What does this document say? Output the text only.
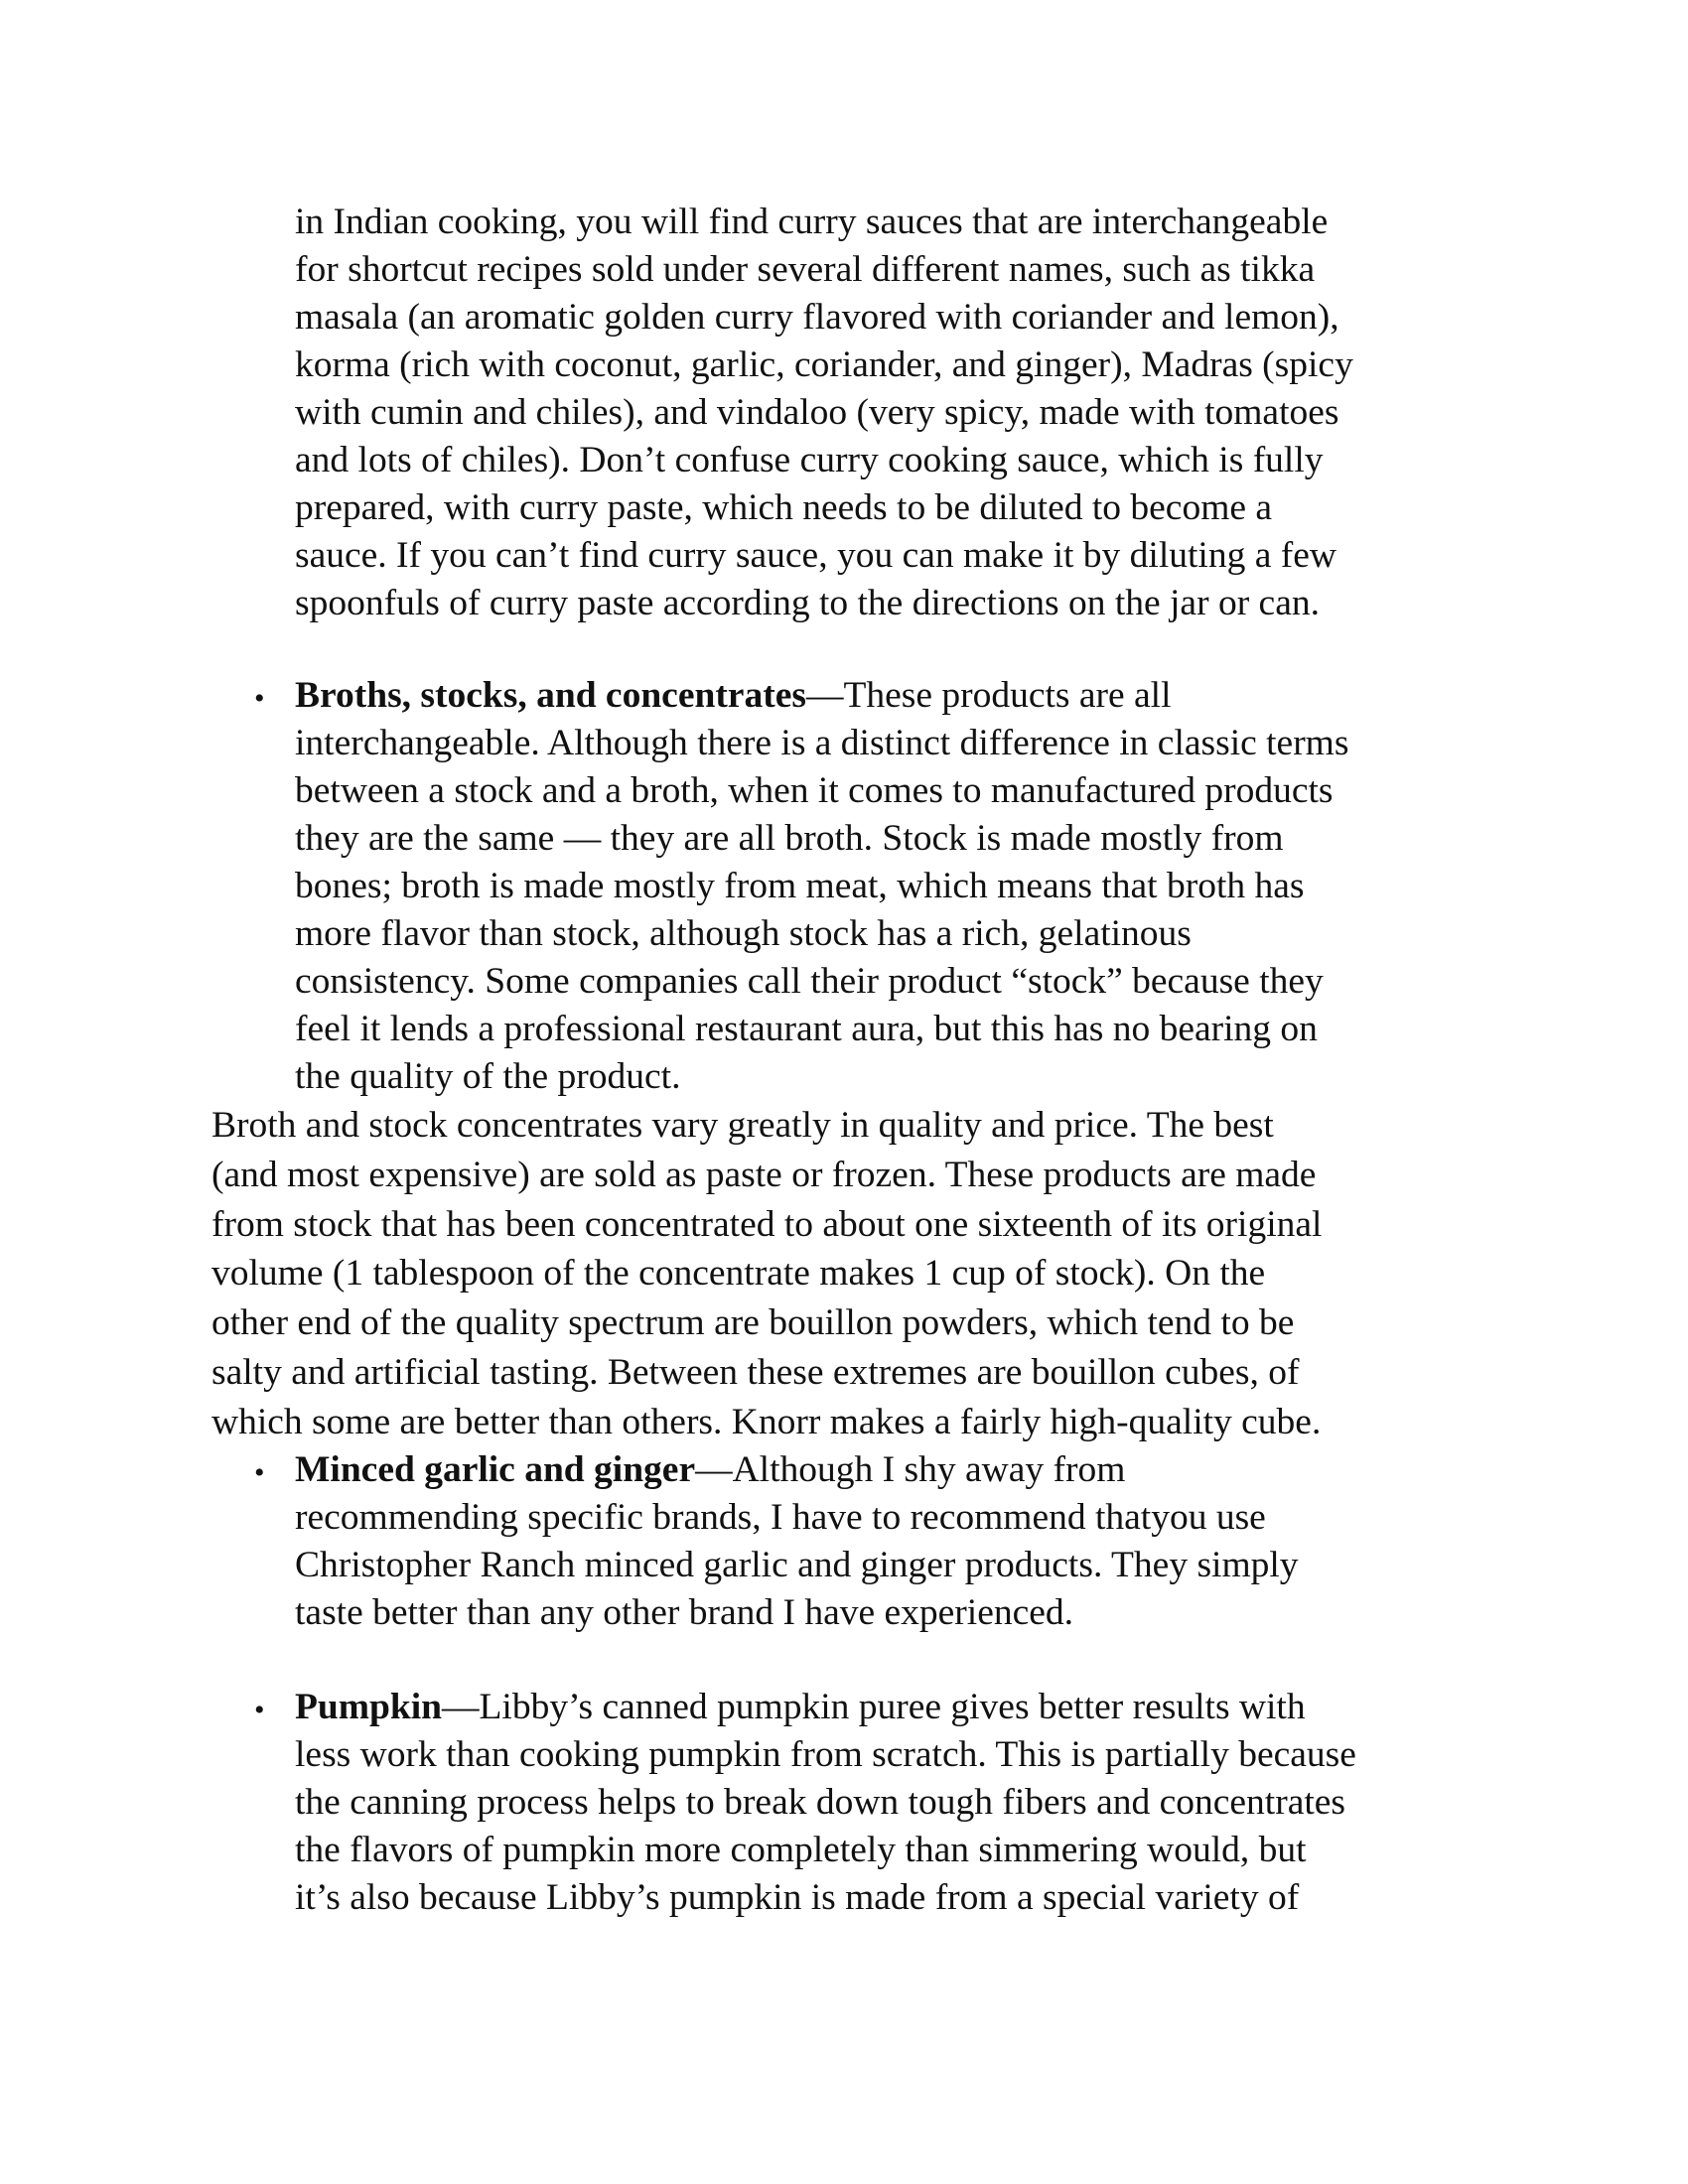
in Indian cooking, you will find curry sauces that are interchangeable
for shortcut recipes sold under several different names, such as tikka
masala (an aromatic golden curry flavored with coriander and lemon),
korma (rich with coconut, garlic, coriander, and ginger), Madras (spicy
with cumin and chiles), and vindaloo (very spicy, made with tomatoes
and lots of chiles). Don’t confuse curry cooking sauce, which is fully
prepared, with curry paste, which needs to be diluted to become a
sauce. If you can’t find curry sauce, you can make it by diluting a few
spoonfuls of curry paste according to the directions on the jar or can.
• Broths, stocks, and concentrates—These products are all
interchangeable. Although there is a distinct difference in classic terms
between a stock and a broth, when it comes to manufactured products
they are the same — they are all broth. Stock is made mostly from
bones; broth is made mostly from meat, which means that broth has
more flavor than stock, although stock has a rich, gelatinous
consistency. Some companies call their product “stock” because they
feel it lends a professional restaurant aura, but this has no bearing on
the quality of the product.
Broth and stock concentrates vary greatly in quality and price. The best
(and most expensive) are sold as paste or frozen. These products are made
from stock that has been concentrated to about one sixteenth of its original
volume (1 tablespoon of the concentrate makes 1 cup of stock). On the
other end of the quality spectrum are bouillon powders, which tend to be
salty and artificial tasting. Between these extremes are bouillon cubes, of
which some are better than others. Knorr makes a fairly high-quality cube.
• Minced garlic and ginger—Although I shy away from
recommending specific brands, I have to recommend thatyou use
Christopher Ranch minced garlic and ginger products. They simply
taste better than any other brand I have experienced.
• Pumpkin—Libby’s canned pumpkin puree gives better results with
less work than cooking pumpkin from scratch. This is partially because
the canning process helps to break down tough fibers and concentrates
the flavors of pumpkin more completely than simmering would, but
it’s also because Libby’s pumpkin is made from a special variety of
